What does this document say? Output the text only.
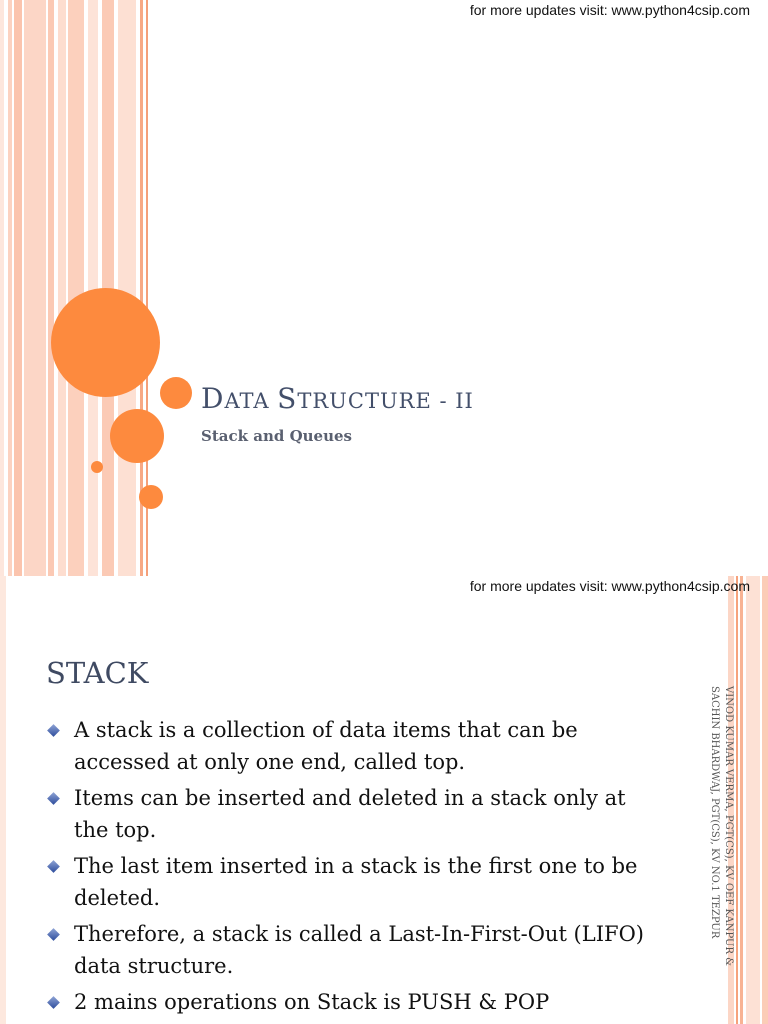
for more updates visit: www.python4csip.com
DATA STRUCTURE - II
Stack and Queues
for more updates visit: www.python4csip.com
STACK
A stack is a collection of data items that can be accessed at only one end, called top.
Items can be inserted and deleted in a stack only at the top.
The last item inserted in a stack is the first one to be deleted.
Therefore, a stack is called a Last-In-First-Out (LIFO) data structure.
2 mains operations on Stack is PUSH & POP
VINOD KUMAR VERMA, PGT(CS), KV OEF KANPUR &
SACHIN BHARDWAJ, PGT(CS), KV NO.1 TEZPUR
